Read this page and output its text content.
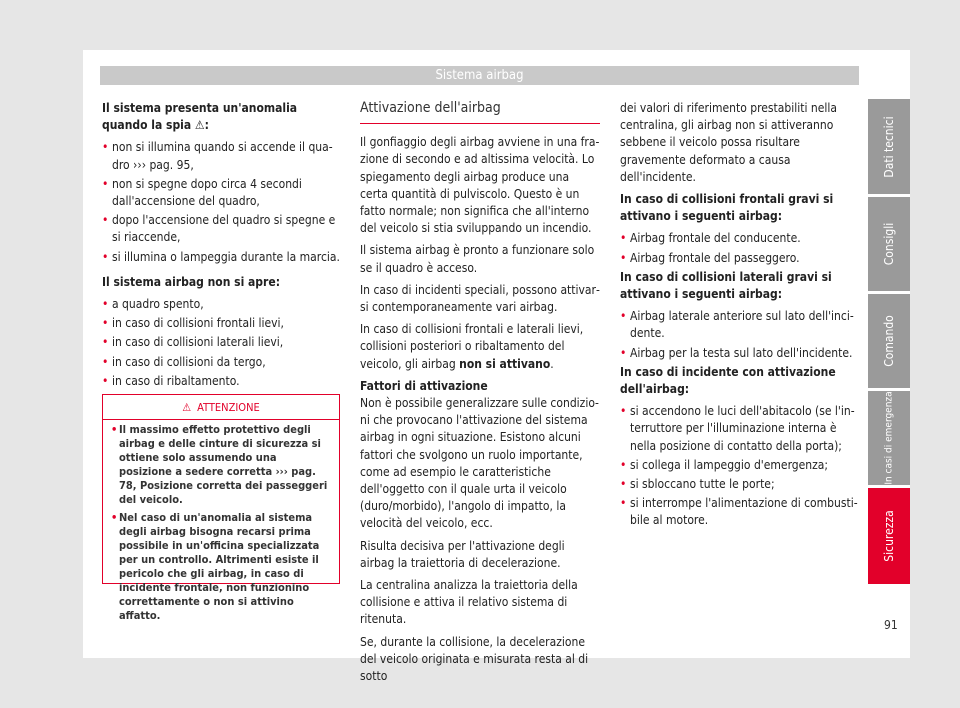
Sistema airbag

Il sistema presenta un'anomalia quando la spia ⚠:

• non si illumina quando si accende il quadro ››› pag. 95,
• non si spegne dopo circa 4 secondi dall'accensione del quadro,
• dopo l'accensione del quadro si spegne e si riaccende,
• si illumina o lampeggia durante la marcia.

Il sistema airbag non si apre:

• a quadro spento,
• in caso di collisioni frontali lievi,
• in caso di collisioni laterali lievi,
• in caso di collisioni da tergo,
• in caso di ribaltamento.
⚠ ATTENZIONE
• Il massimo effetto protettivo degli airbag e delle cinture di sicurezza si ottiene solo assumendo una posizione a sedere corretta ››› pag. 78, Posizione corretta dei passeggeri del veicolo.
• Nel caso di un'anomalia al sistema degli airbag bisogna recarsi prima possibile in un'officina specializzata per un controllo. Altrimenti esiste il pericolo che gli airbag, in caso di incidente frontale, non funzionino correttamente o non si attivino affatto.
Attivazione dell'airbag

Il gonfiaggio degli airbag avviene in una frazione di secondo e ad altissima velocità. Lo spiegamento degli airbag produce una certa quantità di pulviscolo. Questo è un fatto normale; non significa che all'interno del veicolo si stia sviluppando un incendio.

Il sistema airbag è pronto a funzionare solo se il quadro è acceso.

In caso di incidenti speciali, possono attivarsi contemporaneamente vari airbag.

In caso di collisioni frontali e laterali lievi, collisioni posteriori o ribaltamento del veicolo, gli airbag non si attivano.

Fattori di attivazione

Non è possibile generalizzare sulle condizioni che provocano l'attivazione del sistema airbag in ogni situazione. Esistono alcuni fattori che svolgono un ruolo importante, come ad esempio le caratteristiche dell'oggetto con il quale urta il veicolo (duro/morbido), l'angolo di impatto, la velocità del veicolo, ecc.

Risulta decisiva per l'attivazione degli airbag la traiettoria di decelerazione.

La centralina analizza la traiettoria della collisione e attiva il relativo sistema di ritenuta.

Se, durante la collisione, la decelerazione del veicolo originata e misurata resta al di sotto

dei valori di riferimento prestabiliti nella centralina, gli airbag non si attiveranno sebbene il veicolo possa risultare gravemente deformato a causa dell'incidente.

In caso di collisioni frontali gravi si attivano i seguenti airbag:

• Airbag frontale del conducente.
• Airbag frontale del passeggero.

In caso di collisioni laterali gravi si attivano i seguenti airbag:

• Airbag laterale anteriore sul lato dell'incidente.
• Airbag per la testa sul lato dell'incidente.

In caso di incidente con attivazione dell'airbag:

• si accendono le luci dell'abitacolo (se l'interruttore per l'illuminazione interna è nella posizione di contatto della porta);
• si collega il lampeggio d'emergenza;
• si sbloccano tutte le porte;
• si interrompe l'alimentazione di combustibile al motore.
Dati tecnici
Consigli
Comando
In casi di emergenza
Sicurezza
91
